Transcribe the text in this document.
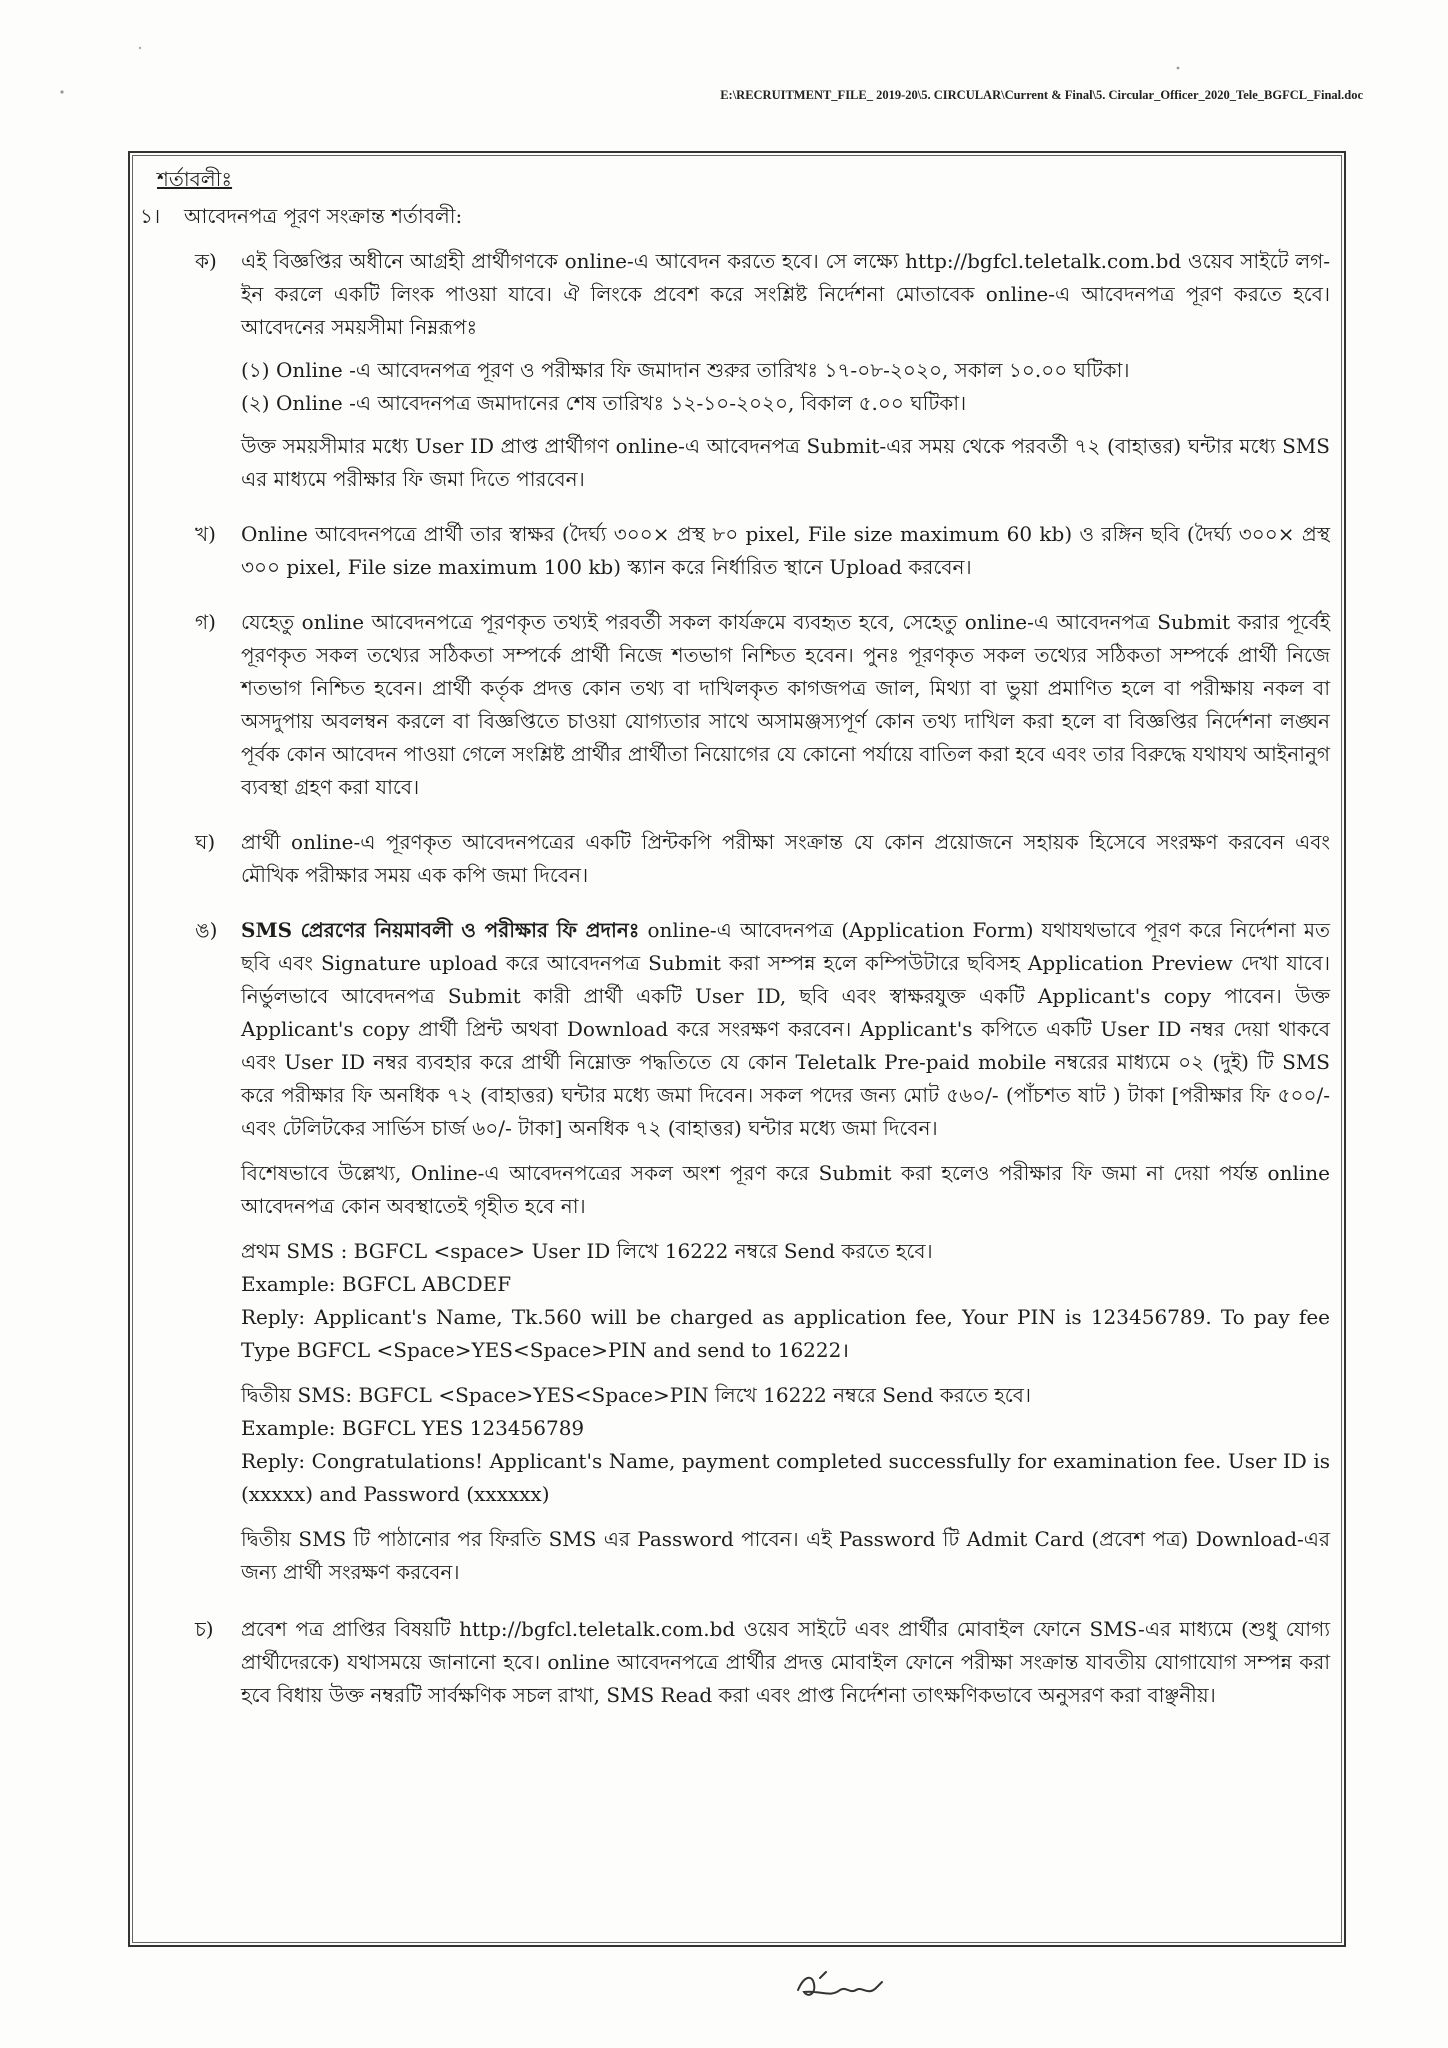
E:\RECRUITMENT_FILE_ 2019-20\5. CIRCULAR\Current & Final\5. Circular_Officer_2020_Tele_BGFCL_Final.doc
শর্তাবলীঃ
১।	আবেদনপত্র পূরণ সংক্রান্ত শর্তাবলী:
ক)	এই বিজ্ঞপ্তির অধীনে আগ্রহী প্রার্থীগণকে online-এ আবেদন করতে হবে। সে লক্ষ্যে http://bgfcl.teletalk.com.bd ওয়েব সাইটে লগ-ইন করলে একটি লিংক পাওয়া যাবে। ঐ লিংকে প্রবেশ করে সংশ্লিষ্ট নির্দেশনা মোতাবেক online-এ আবেদনপত্র পূরণ করতে হবে। আবেদনের সময়সীমা নিম্নরূপঃ

(১) Online -এ আবেদনপত্র পূরণ ও পরীক্ষার ফি জমাদান শুরুর তারিখঃ ১৭-০৮-২০২০, সকাল ১০.০০ ঘটিকা।
(২) Online -এ আবেদনপত্র জমাদানের শেষ তারিখঃ ১২-১০-২০২০, বিকাল ৫.০০ ঘটিকা।

উক্ত সময়সীমার মধ্যে User ID প্রাপ্ত প্রার্থীগণ online-এ আবেদনপত্র Submit-এর সময় থেকে পরবর্তী ৭২ (বাহাত্তর) ঘন্টার মধ্যে SMS এর মাধ্যমে পরীক্ষার ফি জমা দিতে পারবেন।

খ)	Online আবেদনপত্রে প্রার্থী তার স্বাক্ষর (দৈর্ঘ্য ৩০০× প্রস্থ ৮০ pixel, File size maximum 60 kb) ও রঙ্গিন ছবি (দৈর্ঘ্য ৩০০× প্রস্থ ৩০০ pixel, File size maximum 100 kb) স্ক্যান করে নির্ধারিত স্থানে Upload করবেন।

গ)	যেহেতু online আবেদনপত্রে পূরণকৃত তথ্যই পরবর্তী সকল কার্যক্রমে ব্যবহৃত হবে, সেহেতু online-এ আবেদনপত্র Submit করার পূর্বেই পূরণকৃত সকল তথ্যের সঠিকতা সম্পর্কে প্রার্থী নিজে শতভাগ নিশ্চিত হবেন। পুনঃ পূরণকৃত সকল তথ্যের সঠিকতা সম্পর্কে প্রার্থী নিজে শতভাগ নিশ্চিত হবেন। প্রার্থী কর্তৃক প্রদত্ত কোন তথ্য বা দাখিলকৃত কাগজপত্র জাল, মিথ্যা বা ভুয়া প্রমাণিত হলে বা পরীক্ষায় নকল বা অসদুপায় অবলম্বন করলে বা বিজ্ঞপ্তিতে চাওয়া যোগ্যতার সাথে অসামঞ্জস্যপূর্ণ কোন তথ্য দাখিল করা হলে বা বিজ্ঞপ্তির নির্দেশনা লঙ্ঘন পূর্বক কোন আবেদন পাওয়া গেলে সংশ্লিষ্ট প্রার্থীর প্রার্থীতা নিয়োগের যে কোনো পর্যায়ে বাতিল করা হবে এবং তার বিরুদ্ধে যথাযথ আইনানুগ ব্যবস্থা গ্রহণ করা যাবে।

ঘ)	প্রার্থী online-এ পূরণকৃত আবেদনপত্রের একটি প্রিন্টকপি পরীক্ষা সংক্রান্ত যে কোন প্রয়োজনে সহায়ক হিসেবে সংরক্ষণ করবেন এবং মৌখিক পরীক্ষার সময় এক কপি জমা দিবেন।

ঙ)	SMS প্রেরণের নিয়মাবলী ও পরীক্ষার ফি প্রদানঃ online-এ আবেদনপত্র (Application Form) যথাযথভাবে পূরণ করে নির্দেশনা মত ছবি এবং Signature upload করে আবেদনপত্র Submit করা সম্পন্ন হলে কম্পিউটারে ছবিসহ Application Preview দেখা যাবে। নির্ভুলভাবে আবেদনপত্র Submit কারী প্রার্থী একটি User ID, ছবি এবং স্বাক্ষরযুক্ত একটি Applicant's copy পাবেন। উক্ত Applicant's copy প্রার্থী প্রিন্ট অথবা Download করে সংরক্ষণ করবেন। Applicant's কপিতে একটি User ID নম্বর দেয়া থাকবে এবং User ID নম্বর ব্যবহার করে প্রার্থী নিম্নোক্ত পদ্ধতিতে যে কোন Teletalk Pre-paid mobile নম্বরের মাধ্যমে ০২ (দুই) টি SMS করে পরীক্ষার ফি অনধিক ৭২ (বাহাত্তর) ঘন্টার মধ্যে জমা দিবেন। সকল পদের জন্য মোট ৫৬০/- (পাঁচশত ষাট ) টাকা [পরীক্ষার ফি ৫০০/- এবং টেলিটকের সার্ভিস চার্জ ৬০/- টাকা] অনধিক ৭২ (বাহাত্তর) ঘন্টার মধ্যে জমা দিবেন।

বিশেষভাবে উল্লেখ্য, Online-এ আবেদনপত্রের সকল অংশ পূরণ করে Submit করা হলেও পরীক্ষার ফি জমা না দেয়া পর্যন্ত online আবেদনপত্র কোন অবস্থাতেই গৃহীত হবে না।

প্রথম SMS : BGFCL <space> User ID লিখে 16222 নম্বরে Send করতে হবে।
Example: BGFCL ABCDEF
Reply: Applicant's Name, Tk.560 will be charged as application fee, Your PIN is 123456789. To pay fee Type BGFCL <Space>YES<Space>PIN and send to 16222।

দ্বিতীয় SMS: BGFCL <Space>YES<Space>PIN লিখে 16222 নম্বরে Send করতে হবে।
Example: BGFCL YES 123456789
Reply: Congratulations! Applicant's Name, payment completed successfully for examination fee. User ID is (xxxxx) and Password (xxxxxx)

দ্বিতীয় SMS টি পাঠানোর পর ফিরতি SMS এর Password পাবেন। এই Password টি Admit Card (প্রবেশ পত্র) Download-এর জন্য প্রার্থী সংরক্ষণ করবেন।

চ)	প্রবেশ পত্র প্রাপ্তির বিষয়টি http://bgfcl.teletalk.com.bd ওয়েব সাইটে এবং প্রার্থীর মোবাইল ফোনে SMS-এর মাধ্যমে (শুধু যোগ্য প্রার্থীদেরকে) যথাসময়ে জানানো হবে। online আবেদনপত্রে প্রার্থীর প্রদত্ত মোবাইল ফোনে পরীক্ষা সংক্রান্ত যাবতীয় যোগাযোগ সম্পন্ন করা হবে বিধায় উক্ত নম্বরটি সার্বক্ষণিক সচল রাখা, SMS Read করা এবং প্রাপ্ত নির্দেশনা তাৎক্ষণিকভাবে অনুসরণ করা বাঞ্ছনীয়।
